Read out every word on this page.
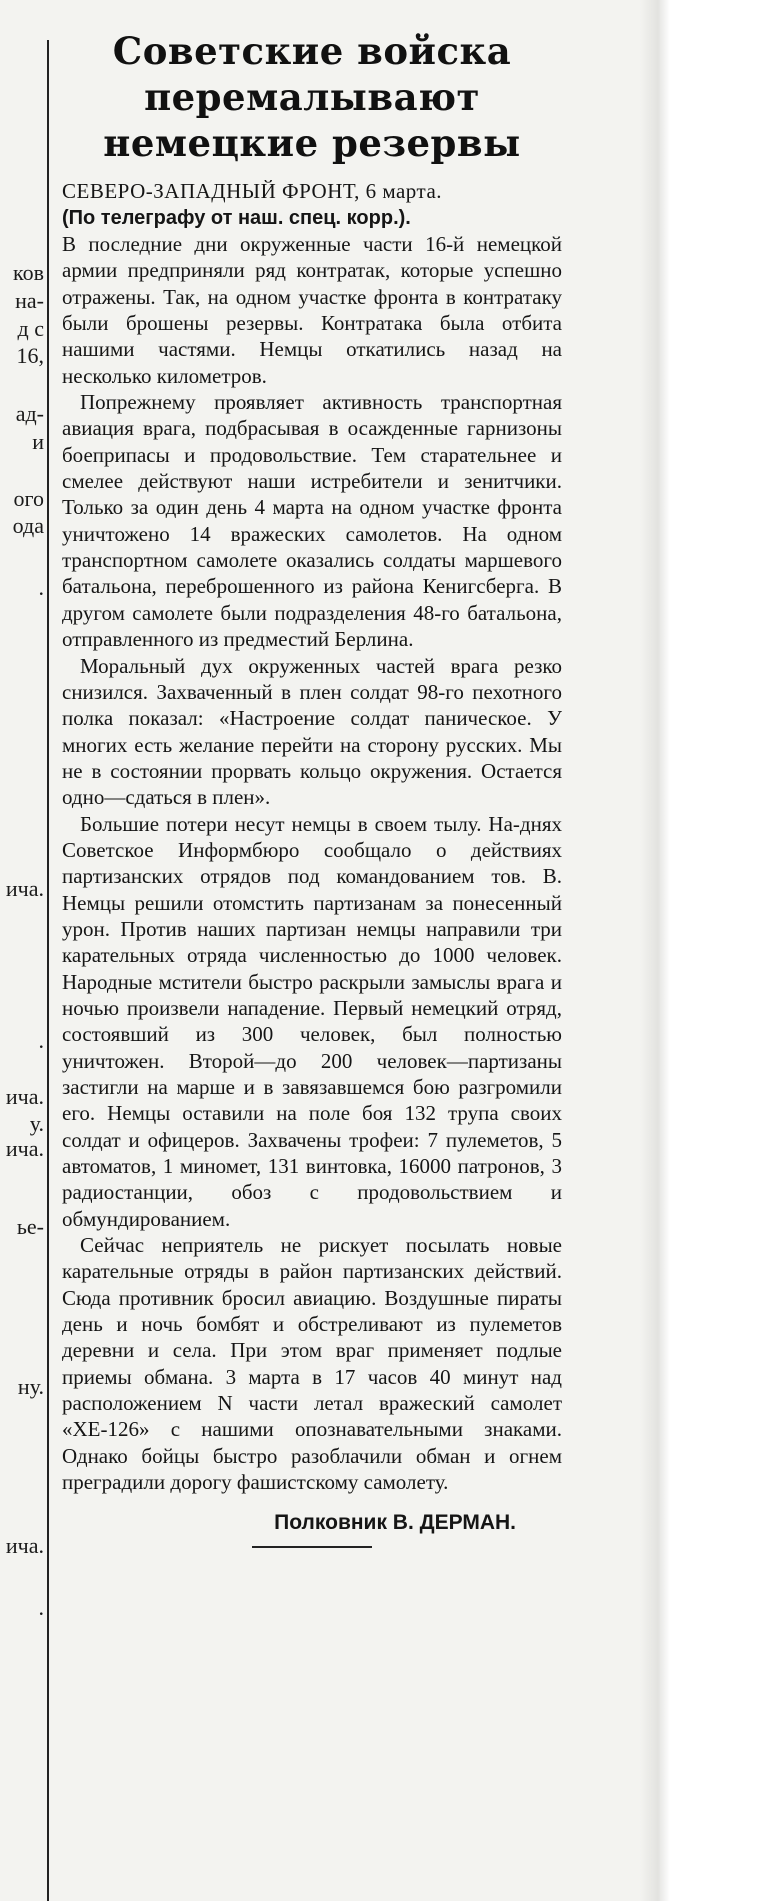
ков
на-
д с
16,
ад-
и
ого
ода
.
ича.
.
ича.
у.
ича.
ье-
ну.
ича.
.
Советские войска
перемалывают
немецкие резервы
СЕВЕРО-ЗАПАДНЫЙ ФРОНТ, 6 марта.
(По телеграфу от наш. спец. корр.).

В последние дни окруженные части 16-й немецкой армии предприняли ряд контратак, которые успешно отражены. Так, на одном участке фронта в контратаку были брошены резервы. Контратака была отбита нашими частями. Немцы откатились назад на несколько километров.

Попрежнему проявляет активность транспортная авиация врага, подбрасывая в осажденные гарнизоны боеприпасы и продовольствие. Тем старательнее и смелее действуют наши истребители и зенитчики. Только за один день 4 марта на одном участке фронта уничтожено 14 вражеских самолетов. На одном транспортном самолете оказались солдаты маршевого батальона, переброшенного из района Кенигсберга. В другом самолете были подразделения 48-го батальона, отправленного из предместий Берлина.

Моральный дух окруженных частей врага резко снизился. Захваченный в плен солдат 98-го пехотного полка показал: «Настроение солдат паническое. У многих есть желание перейти на сторону русских. Мы не в состоянии прорвать кольцо окружения. Остается одно—сдаться в плен».

Большие потери несут немцы в своем тылу. На-днях Советское Информбюро сообщало о действиях партизанских отрядов под командованием тов. В. Немцы решили отомстить партизанам за понесенный урон. Против наших партизан немцы направили три карательных отряда численностью до 1000 человек. Народные мстители быстро раскрыли замыслы врага и ночью произвели нападение. Первый немецкий отряд, состоявший из 300 человек, был полностью уничтожен. Второй—до 200 человек—партизаны застигли на марше и в завязавшемся бою разгромили его. Немцы оставили на поле боя 132 трупа своих солдат и офицеров. Захвачены трофеи: 7 пулеметов, 5 автоматов, 1 миномет, 131 винтовка, 16000 патронов, 3 радиостанции, обоз с продовольствием и обмундированием.

Сейчас неприятель не рискует посылать новые карательные отряды в район партизанских действий. Сюда противник бросил авиацию. Воздушные пираты день и ночь бомбят и обстреливают из пулеметов деревни и села. При этом враг применяет подлые приемы обмана. 3 марта в 17 часов 40 минут над расположением N части летал вражеский самолет «ХЕ-126» с нашими опознавательными знаками. Однако бойцы быстро разоблачили обман и огнем преградили дорогу фашистскому самолету.

Полковник В. ДЕРМАН.
